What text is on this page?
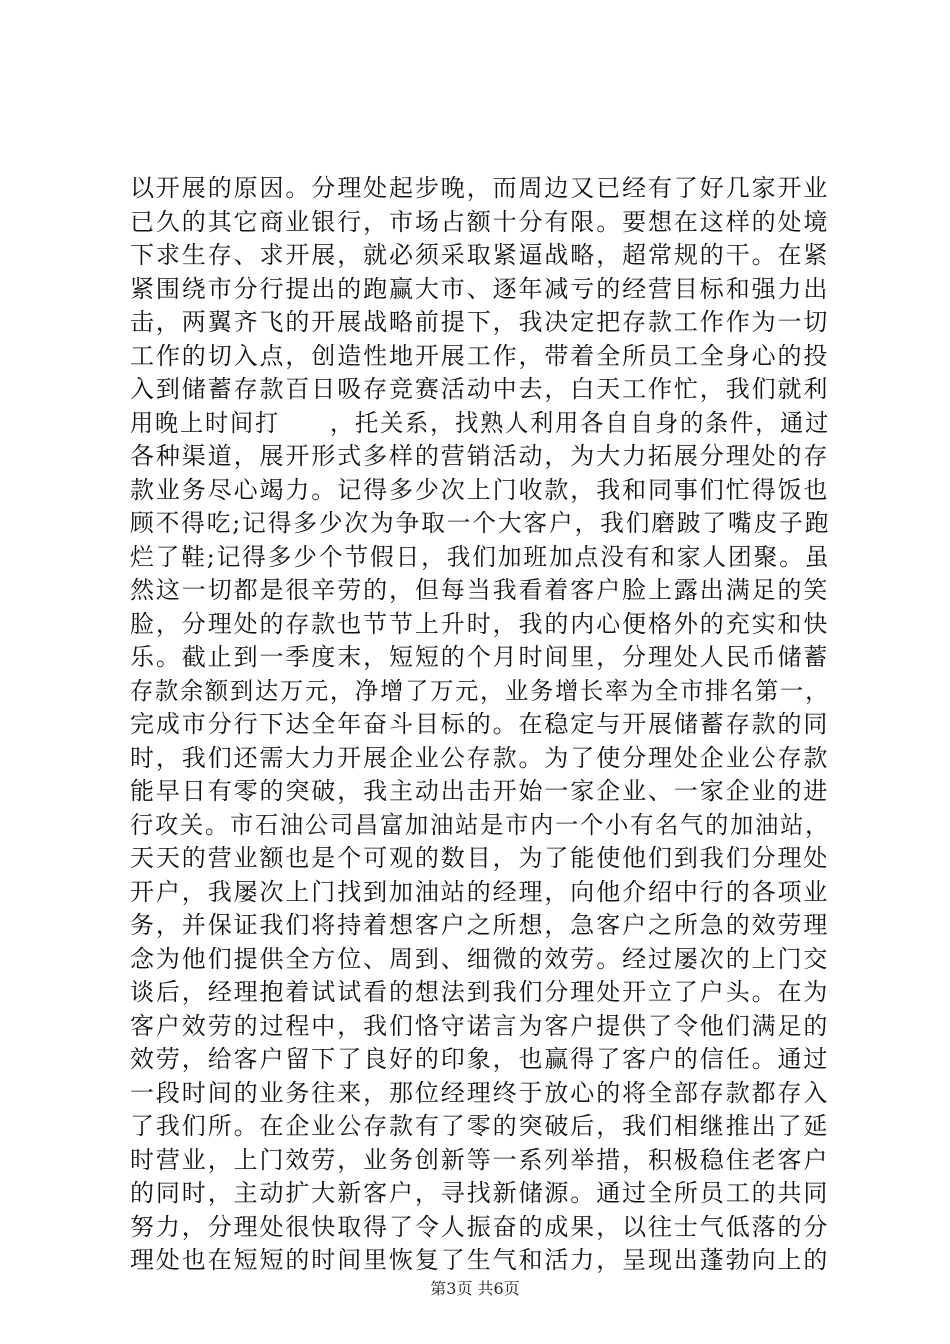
以开展的原因。分理处起步晚，而周边又已经有了好几家开业
已久的其它商业银行，市场占额十分有限。要想在这样的处境
下求生存、求开展，就必须采取紧逼战略，超常规的干。在紧
紧围绕市分行提出的跑赢大市、逐年减亏的经营目标和强力出
击，两翼齐飞的开展战略前提下，我决定把存款工作作为一切
工作的切入点，创造性地开展工作，带着全所员工全身心的投
入到储蓄存款百日吸存竞赛活动中去，白天工作忙，我们就利
用晚上时间打　　，托关系，找熟人利用各自自身的条件，通过
各种渠道，展开形式多样的营销活动，为大力拓展分理处的存
款业务尽心竭力。记得多少次上门收款，我和同事们忙得饭也
顾不得吃;记得多少次为争取一个大客户，我们磨跛了嘴皮子跑
烂了鞋;记得多少个节假日，我们加班加点没有和家人团聚。虽
然这一切都是很辛劳的，但每当我看着客户脸上露出满足的笑
脸，分理处的存款也节节上升时，我的内心便格外的充实和快
乐。截止到一季度末，短短的个月时间里，分理处人民币储蓄
存款余额到达万元，净增了万元，业务增长率为全市排名第一，
完成市分行下达全年奋斗目标的。在稳定与开展储蓄存款的同
时，我们还需大力开展企业公存款。为了使分理处企业公存款
能早日有零的突破，我主动出击开始一家企业、一家企业的进
行攻关。市石油公司昌富加油站是市内一个小有名气的加油站，
天天的营业额也是个可观的数目，为了能使他们到我们分理处
开户，我屡次上门找到加油站的经理，向他介绍中行的各项业
务，并保证我们将持着想客户之所想，急客户之所急的效劳理
念为他们提供全方位、周到、细微的效劳。经过屡次的上门交
谈后，经理抱着试试看的想法到我们分理处开立了户头。在为
客户效劳的过程中，我们恪守诺言为客户提供了令他们满足的
效劳，给客户留下了良好的印象，也赢得了客户的信任。通过
一段时间的业务往来，那位经理终于放心的将全部存款都存入
了我们所。在企业公存款有了零的突破后，我们相继推出了延
时营业，上门效劳，业务创新等一系列举措，积极稳住老客户
的同时，主动扩大新客户，寻找新储源。通过全所员工的共同
努力，分理处很快取得了令人振奋的成果，以往士气低落的分
理处也在短短的时间里恢复了生气和活力，呈现出蓬勃向上的
第3页 共6页
